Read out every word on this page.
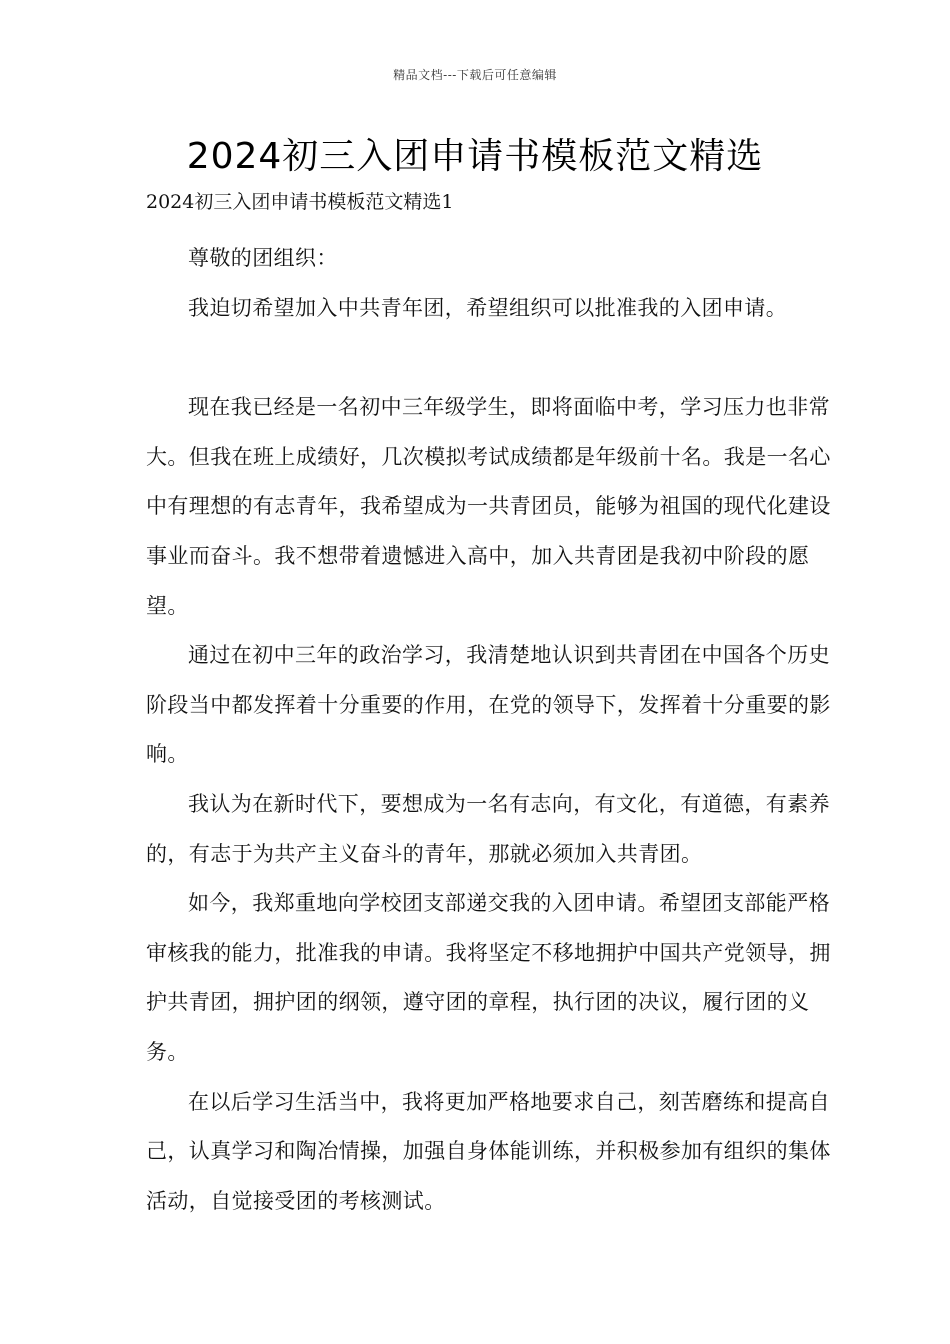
精品文档---下载后可任意编辑
2024初三入团申请书模板范文精选

2024初三入团申请书模板范文精选1

尊敬的团组织：

我迫切希望加入中共青年团，希望组织可以批准我的入团申请。

现在我已经是一名初中三年级学生，即将面临中考，学习压力也非常大。但我在班上成绩好，几次模拟考试成绩都是年级前十名。我是一名心中有理想的有志青年，我希望成为一共青团员，能够为祖国的现代化建设事业而奋斗。我不想带着遗憾进入高中，加入共青团是我初中阶段的愿望。

通过在初中三年的政治学习，我清楚地认识到共青团在中国各个历史阶段当中都发挥着十分重要的作用，在党的领导下，发挥着十分重要的影响。

我认为在新时代下，要想成为一名有志向，有文化，有道德，有素养的，有志于为共产主义奋斗的青年，那就必须加入共青团。

如今，我郑重地向学校团支部递交我的入团申请。希望团支部能严格审核我的能力，批准我的申请。我将坚定不移地拥护中国共产党领导，拥护共青团，拥护团的纲领，遵守团的章程，执行团的决议，履行团的义务。

在以后学习生活当中，我将更加严格地要求自己，刻苦磨练和提高自己，认真学习和陶冶情操，加强自身体能训练，并积极参加有组织的集体活动，自觉接受团的考核测试。
